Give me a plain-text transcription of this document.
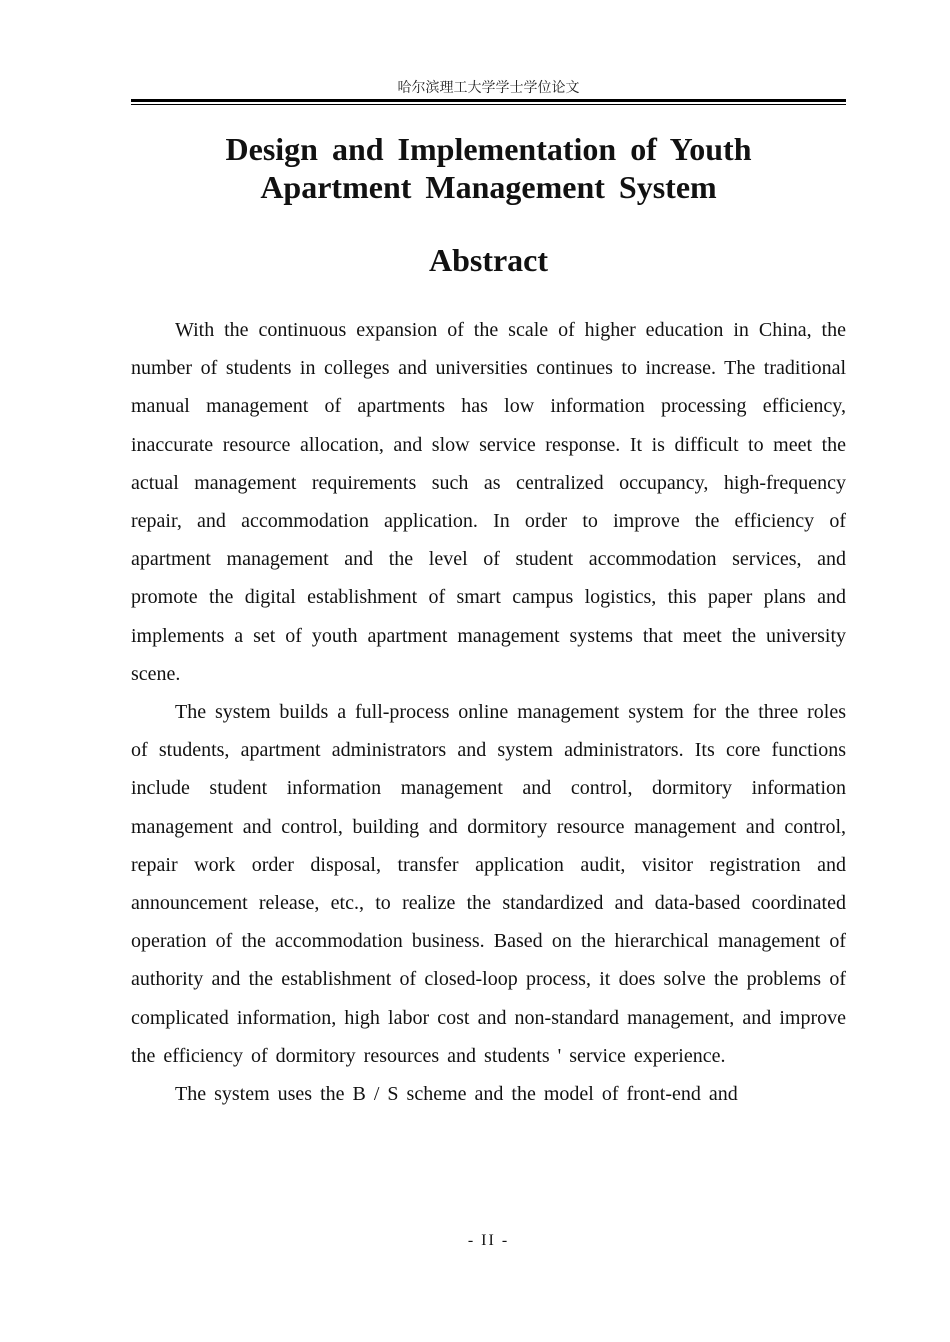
哈尔滨理工大学学士学位论文
Design and Implementation of Youth
Apartment Management System
Abstract

With the continuous expansion of the scale of higher education in China, the number of students in colleges and universities continues to increase. The traditional manual management of apartments has low information processing efficiency, inaccurate resource allocation, and slow service response. It is difficult to meet the actual management requirements such as centralized occupancy, high-frequency repair, and accommodation application. In order to improve the efficiency of apartment management and the level of student accommodation services, and promote the digital establishment of smart campus logistics, this paper plans and implements a set of youth apartment management systems that meet the university scene.

The system builds a full-process online management system for the three roles of students, apartment administrators and system administrators. Its core functions include student information management and control, dormitory information management and control, building and dormitory resource management and control, repair work order disposal, transfer application audit, visitor registration and announcement release, etc., to realize the standardized and data-based coordinated operation of the accommodation business. Based on the hierarchical management of authority and the establishment of closed-loop process, it does solve the problems of complicated information, high labor cost and non-standard management, and improve the efficiency of dormitory resources and students ' service experience.

The system uses the B / S scheme and the model of front-end and

- II -
